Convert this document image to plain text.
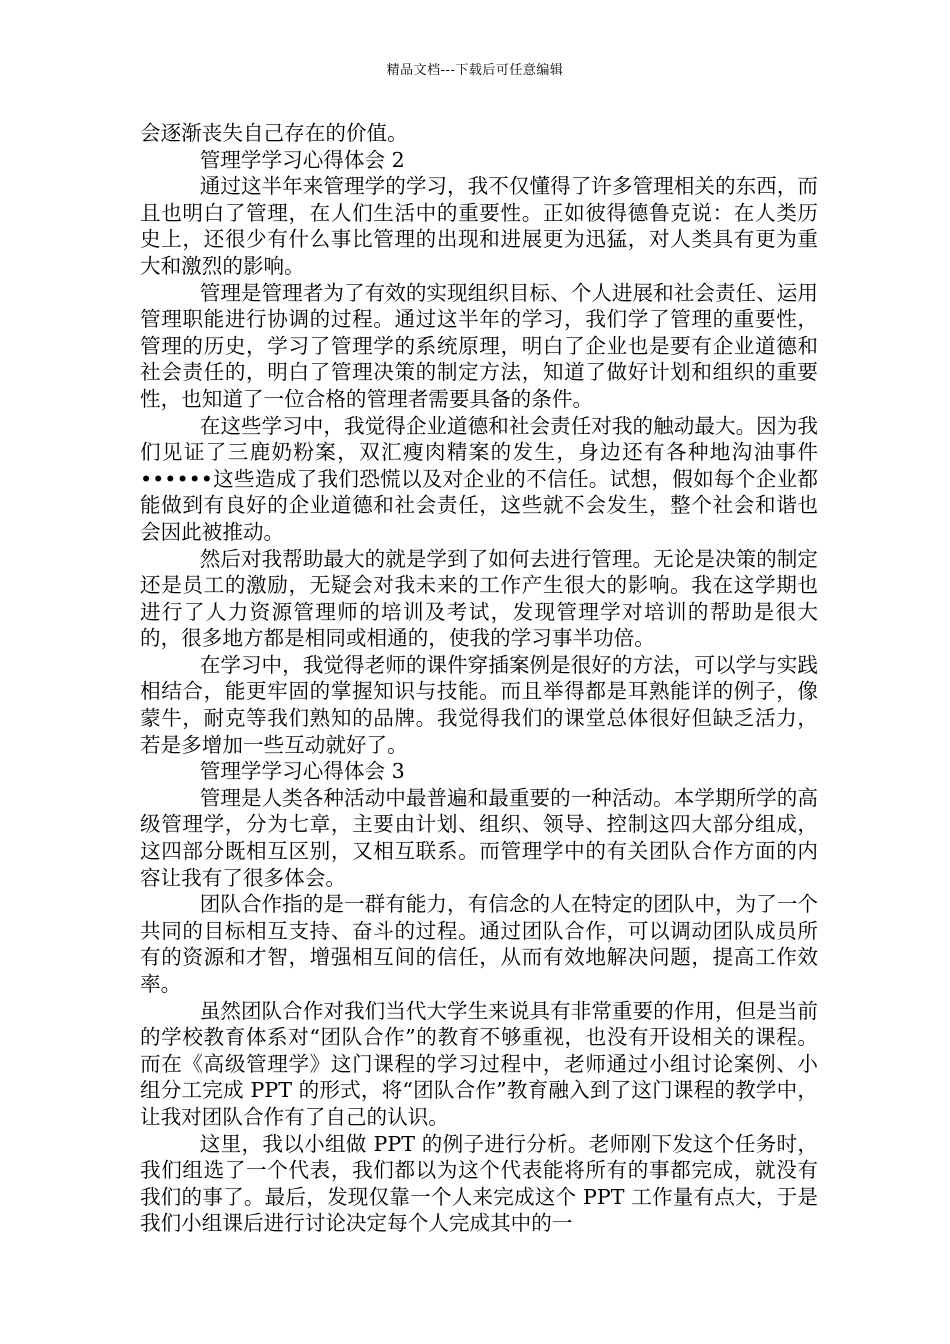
精品文档---下载后可任意编辑

会逐渐丧失自己存在的价值。

管理学学习心得体会 2

通过这半年来管理学的学习，我不仅懂得了许多管理相关的东西，而且也明白了管理，在人们生活中的重要性。正如彼得德鲁克说：在人类历史上，还很少有什么事比管理的出现和进展更为迅猛，对人类具有更为重大和激烈的影响。

管理是管理者为了有效的实现组织目标、个人进展和社会责任、运用管理职能进行协调的过程。通过这半年的学习，我们学了管理的重要性，管理的历史，学习了管理学的系统原理，明白了企业也是要有企业道德和社会责任的，明白了管理决策的制定方法，知道了做好计划和组织的重要性，也知道了一位合格的管理者需要具备的条件。

在这些学习中，我觉得企业道德和社会责任对我的触动最大。因为我们见证了三鹿奶粉案，双汇瘦肉精案的发生，身边还有各种地沟油事件••••••这些造成了我们恐慌以及对企业的不信任。试想，假如每个企业都能做到有良好的企业道德和社会责任，这些就不会发生，整个社会和谐也会因此被推动。

然后对我帮助最大的就是学到了如何去进行管理。无论是决策的制定还是员工的激励，无疑会对我未来的工作产生很大的影响。我在这学期也进行了人力资源管理师的培训及考试，发现管理学对培训的帮助是很大的，很多地方都是相同或相通的，使我的学习事半功倍。

在学习中，我觉得老师的课件穿插案例是很好的方法，可以学与实践相结合，能更牢固的掌握知识与技能。而且举得都是耳熟能详的例子，像蒙牛，耐克等我们熟知的品牌。我觉得我们的课堂总体很好但缺乏活力，若是多增加一些互动就好了。

管理学学习心得体会 3

管理是人类各种活动中最普遍和最重要的一种活动。本学期所学的高级管理学，分为七章，主要由计划、组织、领导、控制这四大部分组成，这四部分既相互区别，又相互联系。而管理学中的有关团队合作方面的内容让我有了很多体会。

团队合作指的是一群有能力，有信念的人在特定的团队中，为了一个共同的目标相互支持、奋斗的过程。通过团队合作，可以调动团队成员所有的资源和才智，增强相互间的信任，从而有效地解决问题，提高工作效率。

虽然团队合作对我们当代大学生来说具有非常重要的作用，但是当前的学校教育体系对“团队合作”的教育不够重视，也没有开设相关的课程。而在《高级管理学》这门课程的学习过程中，老师通过小组讨论案例、小组分工完成 PPT 的形式，将“团队合作”教育融入到了这门课程的教学中，让我对团队合作有了自己的认识。

这里，我以小组做 PPT 的例子进行分析。老师刚下发这个任务时，我们组选了一个代表，我们都以为这个代表能将所有的事都完成，就没有我们的事了。最后，发现仅靠一个人来完成这个 PPT 工作量有点大，于是我们小组课后进行讨论决定每个人完成其中的一
